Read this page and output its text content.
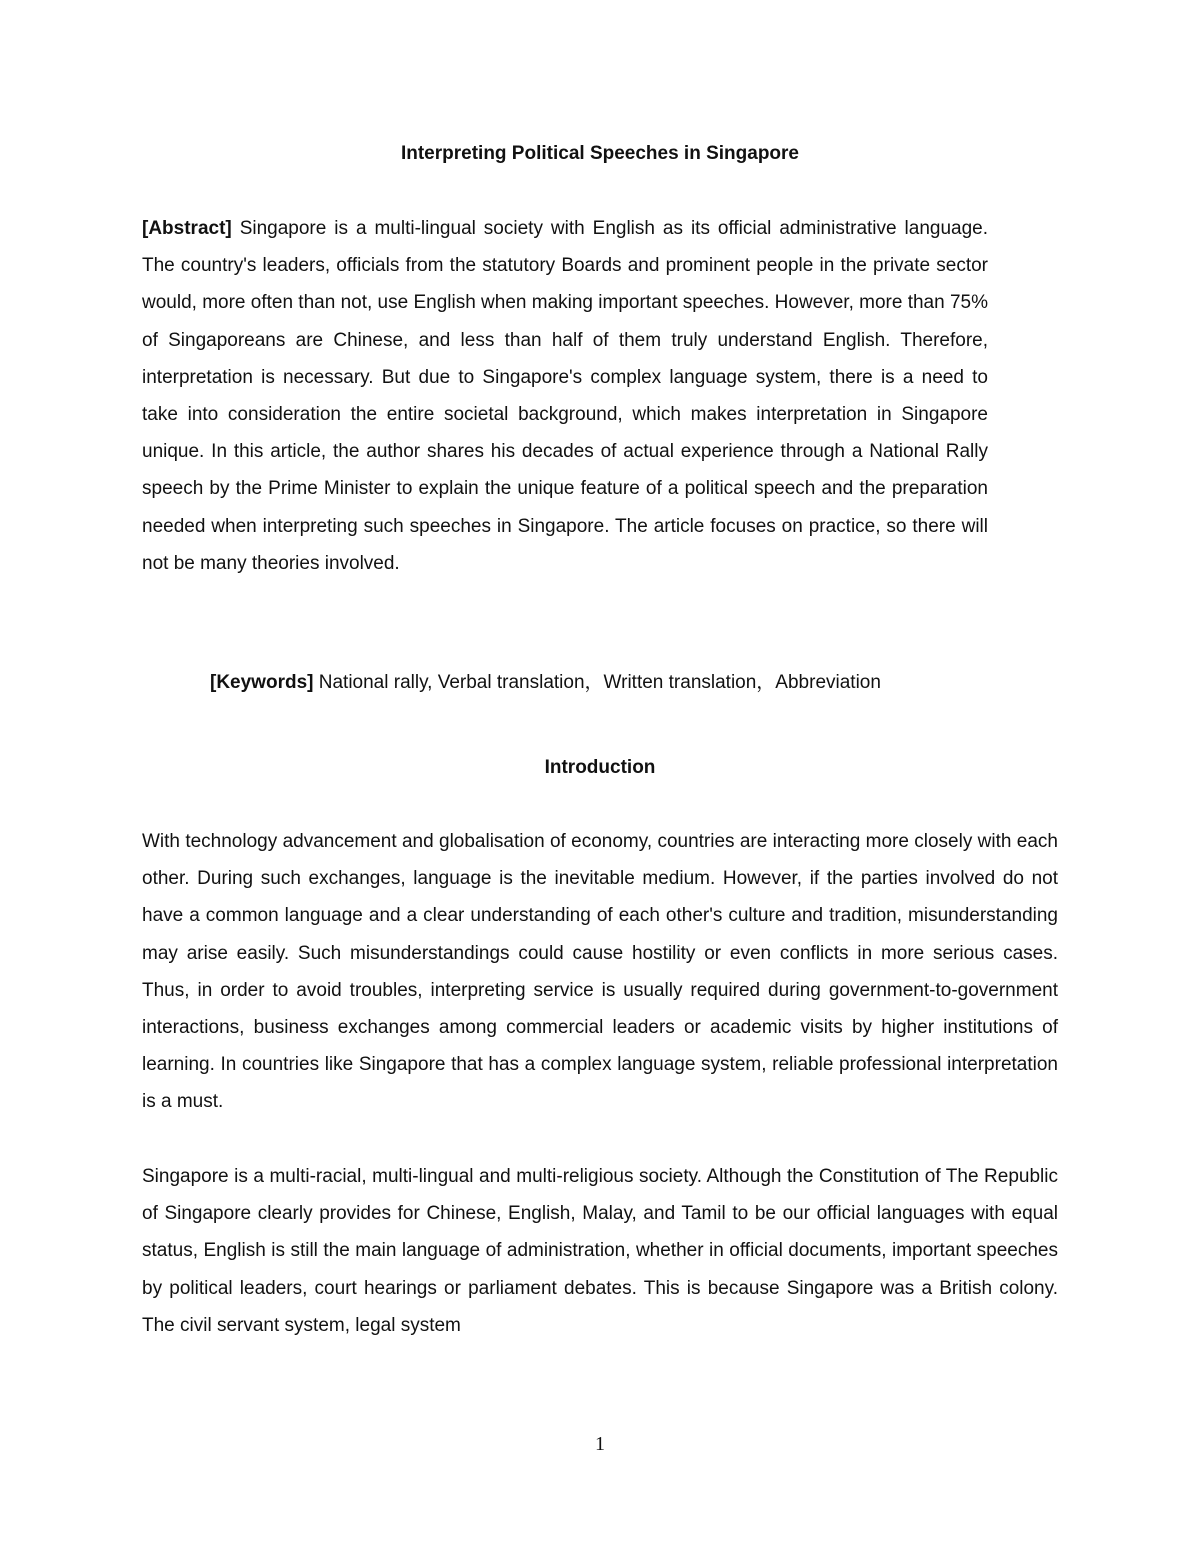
Interpreting Political Speeches in Singapore

[Abstract] Singapore is a multi-lingual society with English as its official administrative language. The country's leaders, officials from the statutory Boards and prominent people in the private sector would, more often than not, use English when making important speeches. However, more than 75% of Singaporeans are Chinese, and less than half of them truly understand English. Therefore, interpretation is necessary. But due to Singapore's complex language system, there is a need to take into consideration the entire societal background, which makes interpretation in Singapore unique. In this article, the author shares his decades of actual experience through a National Rally speech by the Prime Minister to explain the unique feature of a political speech and the preparation needed when interpreting such speeches in Singapore. The article focuses on practice, so there will not be many theories involved.

[Keywords] National rally, Verbal translation，Written translation，Abbreviation

Introduction

With technology advancement and globalisation of economy, countries are interacting more closely with each other. During such exchanges, language is the inevitable medium. However, if the parties involved do not have a common language and a clear understanding of each other's culture and tradition, misunderstanding may arise easily. Such misunderstandings could cause hostility or even conflicts in more serious cases. Thus, in order to avoid troubles, interpreting service is usually required during government-to-government interactions, business exchanges among commercial leaders or academic visits by higher institutions of learning. In countries like Singapore that has a complex language system, reliable professional interpretation is a must.

Singapore is a multi-racial, multi-lingual and multi-religious society. Although the Constitution of The Republic of Singapore clearly provides for Chinese, English, Malay, and Tamil to be our official languages with equal status, English is still the main language of administration, whether in official documents, important speeches by political leaders, court hearings or parliament debates. This is because Singapore was a British colony. The civil servant system, legal system

1
